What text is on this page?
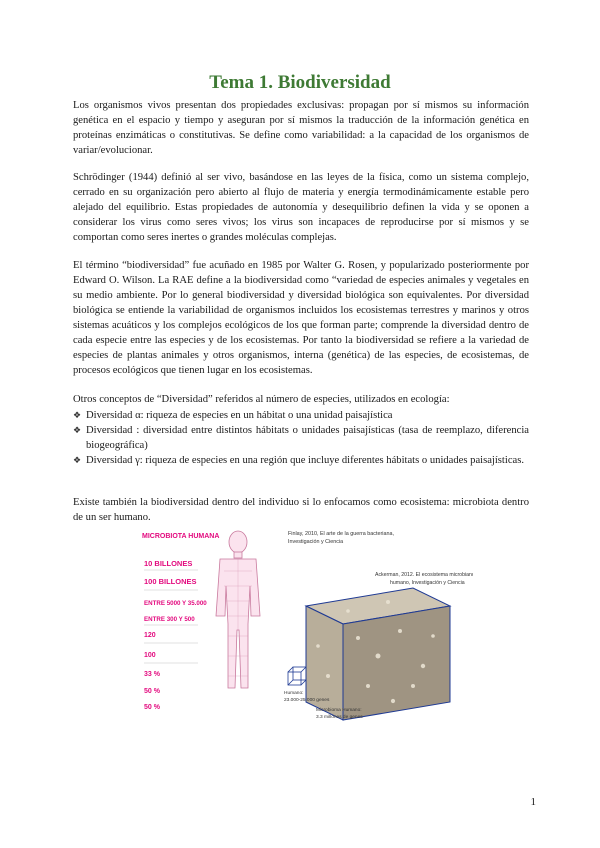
Tema 1. Biodiversidad

Los organismos vivos presentan dos propiedades exclusivas: propagan por sí mismos su información genética en el espacio y tiempo y aseguran por sí mismos la traducción de la información genética en proteínas enzimáticas o constitutivas. Se define como variabilidad: a la capacidad de los organismos de variar/evolucionar.

Schrödinger (1944) definió al ser vivo, basándose en las leyes de la física, como un sistema complejo, cerrado en su organización pero abierto al flujo de materia y energía termodinámicamente estable pero alejado del equilibrio. Estas propiedades de autonomía y desequilibrio definen la vida y se oponen a considerar los virus como seres vivos; los virus son incapaces de reproducirse por sí mismos y se comportan como seres inertes o grandes moléculas complejas.

El término “biodiversidad” fue acuñado en 1985 por Walter G. Rosen, y popularizado posteriormente por Edward O. Wilson. La RAE define a la biodiversidad como “variedad de especies animales y vegetales en su medio ambiente. Por lo general biodiversidad y diversidad biológica son equivalentes. Por diversidad biológica se entiende la variabilidad de organismos incluidos los ecosistemas terrestres y marinos y otros sistemas acuáticos y los complejos ecológicos de los que forman parte; comprende la diversidad dentro de cada especie entre las especies y de los ecosistemas. Por tanto la biodiversidad se refiere a la variedad de especies de plantas animales y otros organismos, interna (genética) de las especies, de ecosistemas, de procesos ecológicos que tienen lugar en los ecosistemas.

Otros conceptos de “Diversidad” referidos al número de especies, utilizados en ecología:

❖ Diversidad α: riqueza de especies en un hábitat o una unidad paisajística
❖ Diversidad : diversidad entre distintos hábitats o unidades paisajísticas (tasa de reemplazo, diferencia biogeográfica)
❖ Diversidad γ: riqueza de especies en una región que incluye diferentes hábitats o unidades paisajísticas.

Existe también la biodiversidad dentro del individuo si lo enfocamos como ecosistema: microbiota dentro de un ser humano.

MICROBIOTA HUMANA
10 BILLONES
100 BILLONES
ENTRE 5000 Y 35.000
ENTRE 300 Y 500
120
100
33 %
50 %
50 %
Finlay, 2010, El arte de la guerra bacteriana,
Investigación y Ciencia
Ackerman, 2012. El ecosistema microbiano
humano, Investigación y Ciencia
Humano:
23.000-25.000 genes
Microbioma Humano:
3.3 millones de genes
1
